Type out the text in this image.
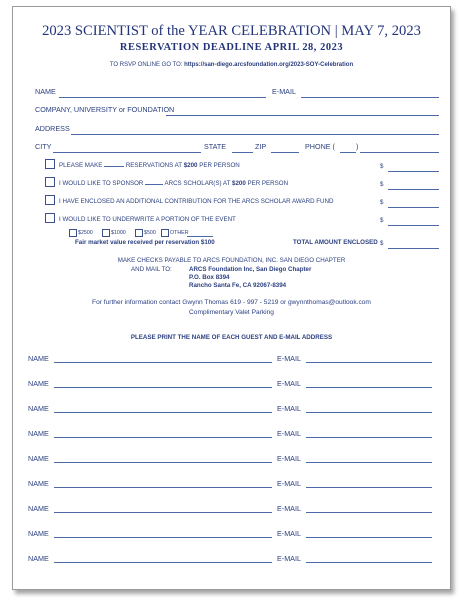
2023 SCIENTIST of the YEAR CELEBRATION | MAY 7, 2023
RESERVATION DEADLINE APRIL 28, 2023
TO RSVP ONLINE GO TO: https://san-diego.arcsfoundation.org/2023-SOY-Celebration
NAME	E-MAIL
COMPANY, UNIVERSITY or FOUNDATION
ADDRESS
CITY	STATE	ZIP	PHONE (	)
PLEASE MAKE	RESERVATIONS AT $200 PER PERSON	$
I WOULD LIKE TO SPONSOR	ARCS SCHOLAR(S) AT $200 PER PERSON	$
I HAVE ENCLOSED AN ADDITIONAL CONTRIBUTION FOR THE ARCS SCHOLAR AWARD FUND	$
I WOULD LIKE TO UNDERWRITE A PORTION OF THE EVENT	$
$2500	$1000	$500	OTHER
Fair market value received per reservation $100	TOTAL AMOUNT ENCLOSED $
MAKE CHECKS PAYABLE TO ARCS FOUNDATION, INC. SAN DIEGO CHAPTER
AND MAIL TO:	ARCS Foundation Inc, San Diego Chapter
P.O. Box 8394
Rancho Santa Fe, CA 92067-8394
For further information contact Gwynn Thomas 619 - 997 - 5219 or gwynnthomas@outlook.com
Complimentary Valet Parking
PLEASE PRINT THE NAME OF EACH GUEST AND E-MAIL ADDRESS
NAME	E-MAIL
NAME	E-MAIL
NAME	E-MAIL
NAME	E-MAIL
NAME	E-MAIL
NAME	E-MAIL
NAME	E-MAIL
NAME	E-MAIL
NAME	E-MAIL
